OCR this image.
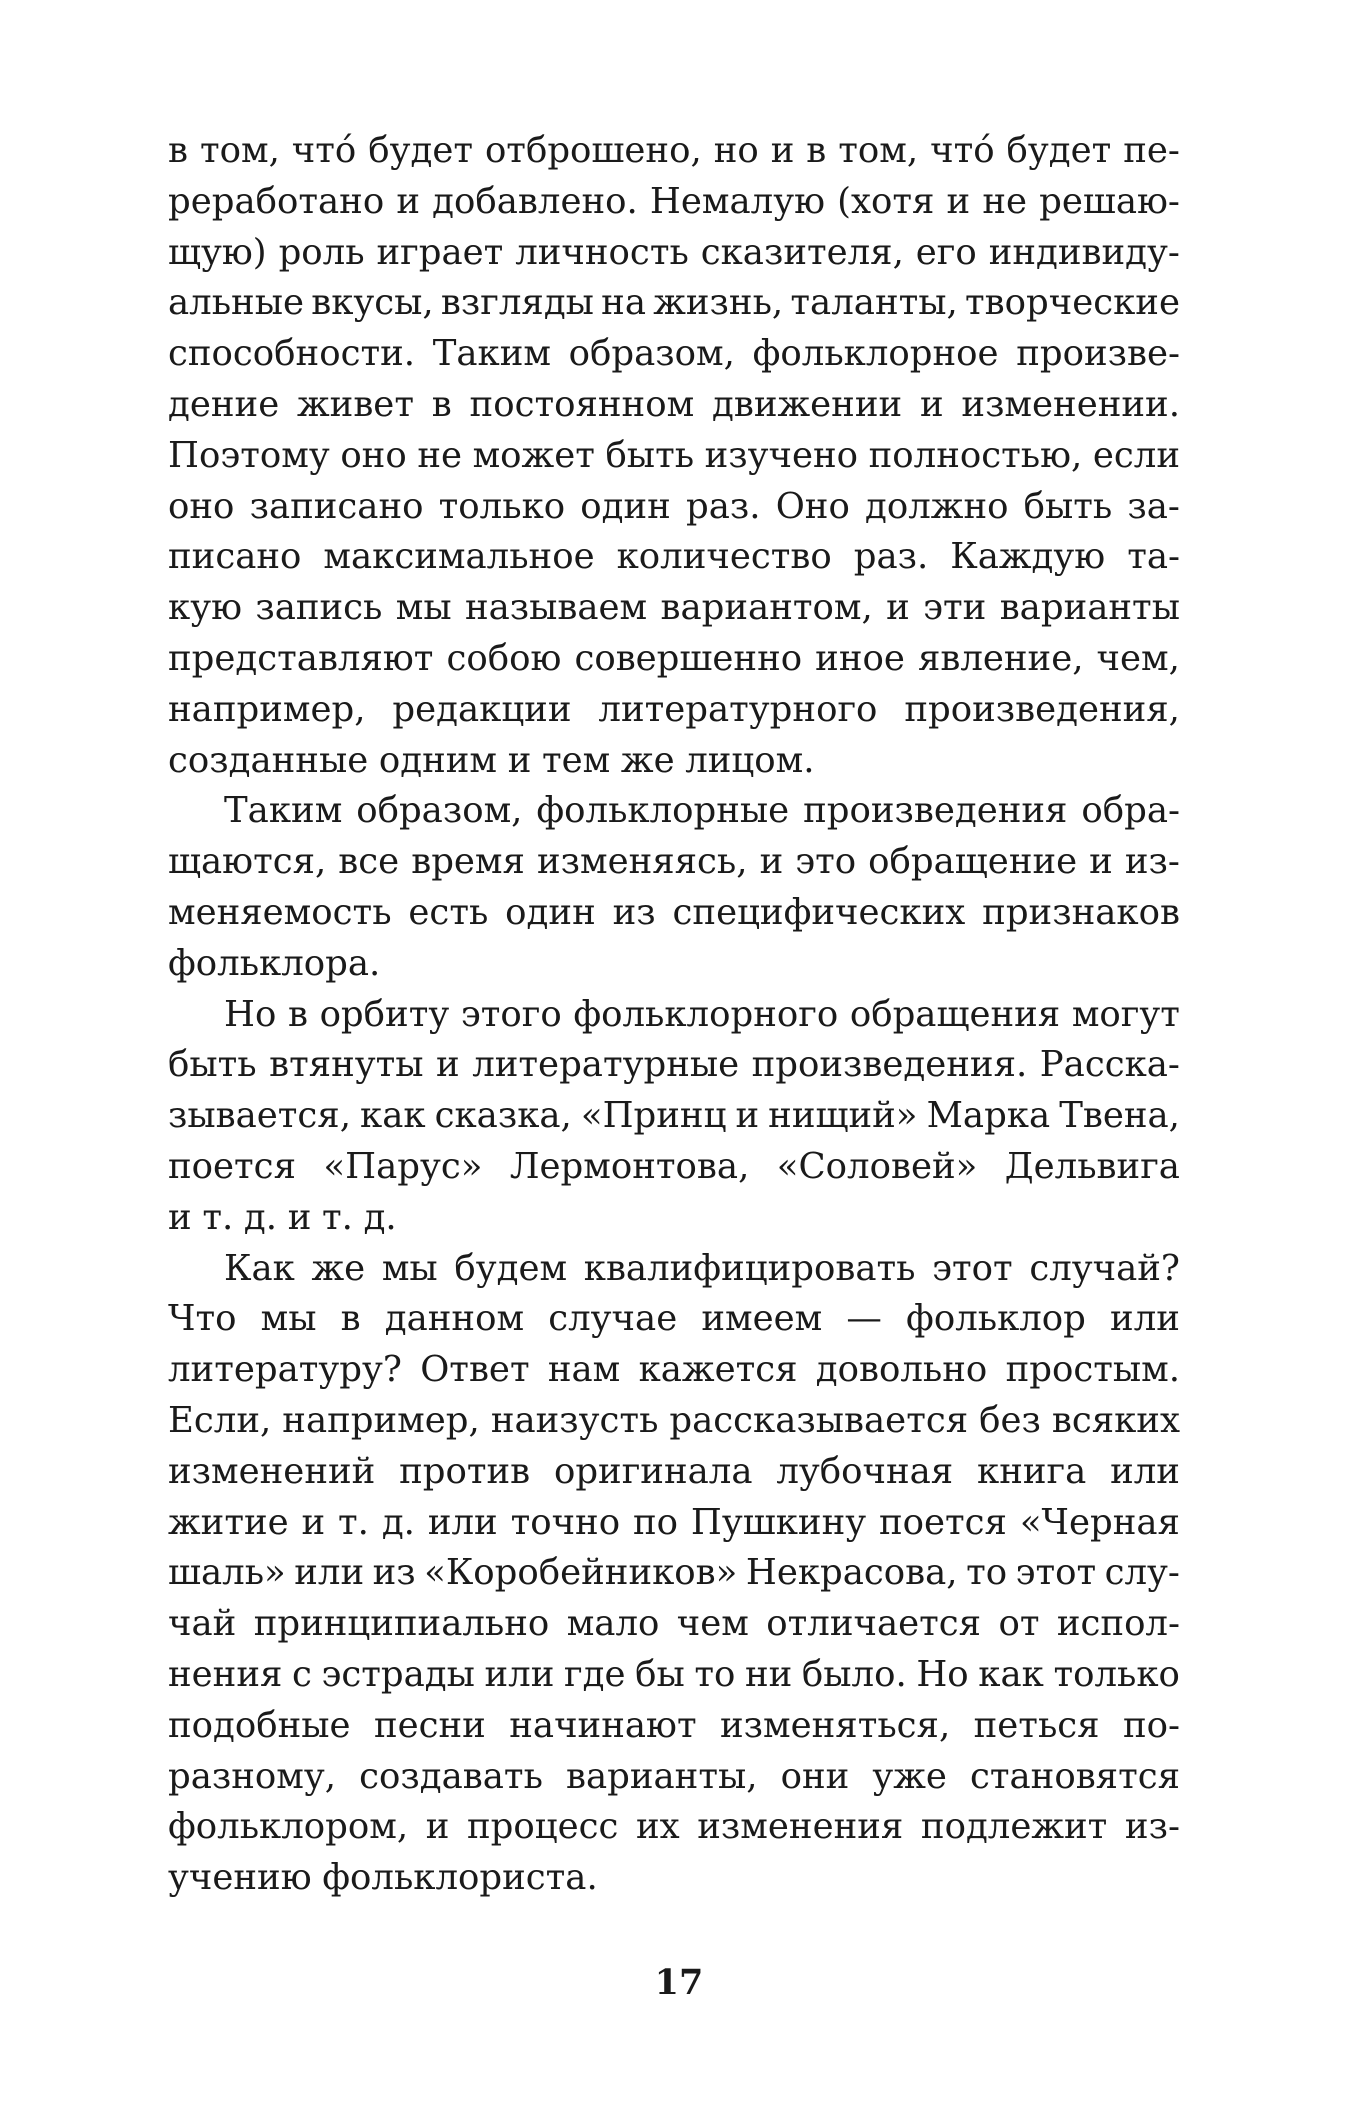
в том, что́ будет отброшено, но и в том, что́ будет пе-
реработано и добавлено. Немалую (хотя и не решаю-
щую) роль играет личность сказителя, его индивиду-
альные вкусы, взгляды на жизнь, таланты, творческие
способности. Таким образом, фольклорное произве-
дение живет в постоянном движении и изменении.
Поэтому оно не может быть изучено полностью, если
оно записано только один раз. Оно должно быть за-
писано максимальное количество раз. Каждую та-
кую запись мы называем вариантом, и эти варианты
представляют собою совершенно иное явление, чем,
например, редакции литературного произведения,
созданные одним и тем же лицом.
Таким образом, фольклорные произведения обра-
щаются, все время изменяясь, и это обращение и из-
меняемость есть один из специфических признаков
фольклора.
Но в орбиту этого фольклорного обращения могут
быть втянуты и литературные произведения. Расска-
зывается, как сказка, «Принц и нищий» Марка Твена,
поется «Парус» Лермонтова, «Соловей» Дельвига
и т. д. и т. д.
Как же мы будем квалифицировать этот случай?
Что мы в данном случае имеем — фольклор или
литературу? Ответ нам кажется довольно простым.
Если, например, наизусть рассказывается без всяких
изменений против оригинала лубочная книга или
житие и т. д. или точно по Пушкину поется «Черная
шаль» или из «Коробейников» Некрасова, то этот слу-
чай принципиально мало чем отличается от испол-
нения с эстрады или где бы то ни было. Но как только
подобные песни начинают изменяться, петься по-
разному, создавать варианты, они уже становятся
фольклором, и процесс их изменения подлежит из-
учению фольклориста.
17
